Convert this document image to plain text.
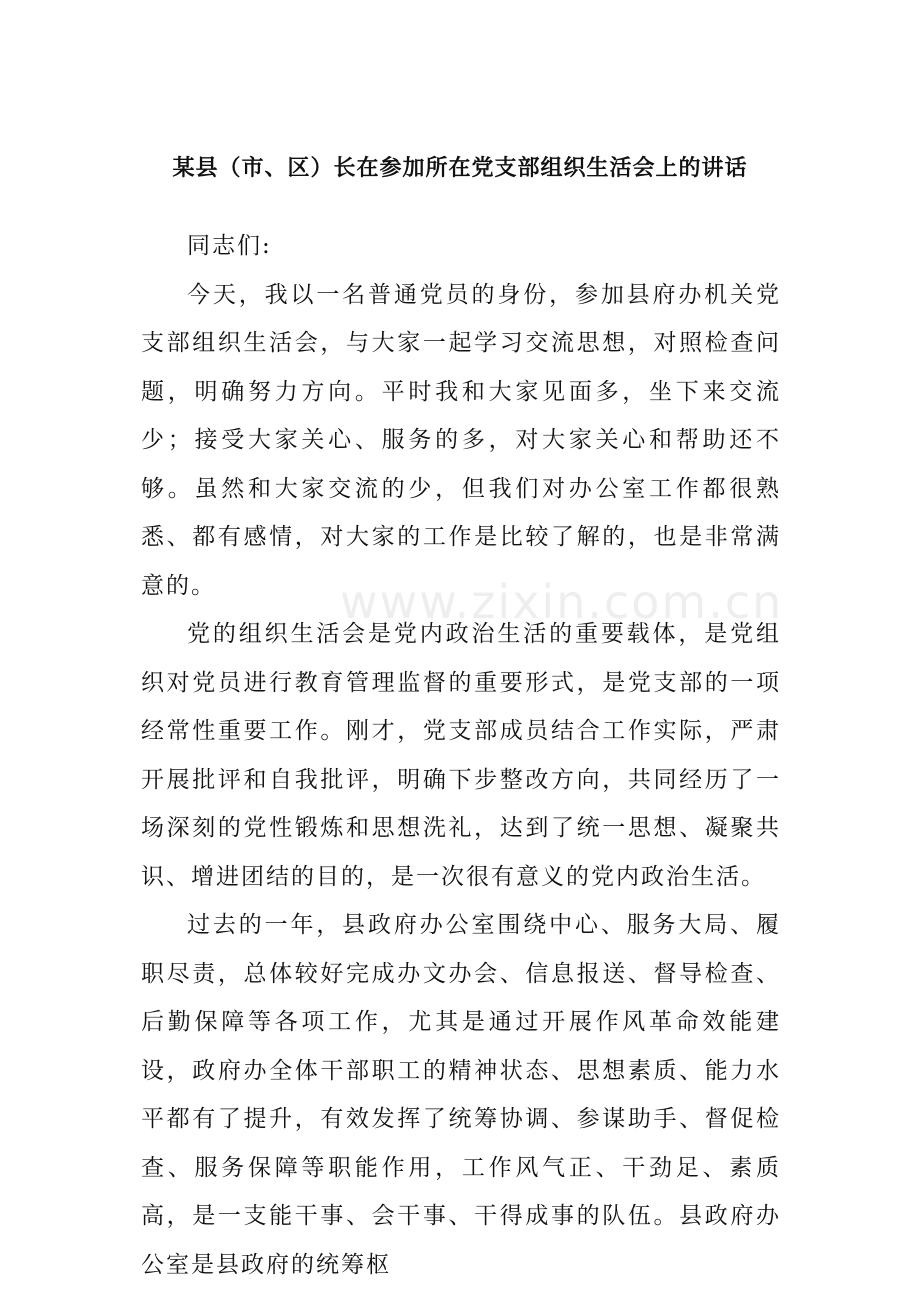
某县（市、区）长在参加所在党支部组织生活会上的讲话

同志们:

今天，我以一名普通党员的身份，参加县府办机关党支部组织生活会，与大家一起学习交流思想，对照检查问题，明确努力方向。平时我和大家见面多，坐下来交流少；接受大家关心、服务的多，对大家关心和帮助还不够。虽然和大家交流的少，但我们对办公室工作都很熟悉、都有感情，对大家的工作是比较了解的，也是非常满意的。

党的组织生活会是党内政治生活的重要载体，是党组织对党员进行教育管理监督的重要形式，是党支部的一项经常性重要工作。刚才，党支部成员结合工作实际，严肃开展批评和自我批评，明确下步整改方向，共同经历了一场深刻的党性锻炼和思想洗礼，达到了统一思想、凝聚共识、增进团结的目的，是一次很有意义的党内政治生活。

过去的一年，县政府办公室围绕中心、服务大局、履职尽责，总体较好完成办文办会、信息报送、督导检查、后勤保障等各项工作，尤其是通过开展作风革命效能建设，政府办全体干部职工的精神状态、思想素质、能力水平都有了提升，有效发挥了统筹协调、参谋助手、督促检查、服务保障等职能作用，工作风气正、干劲足、素质高，是一支能干事、会干事、干得成事的队伍。县政府办公室是县政府的统筹枢

www.zixin.com.cn
